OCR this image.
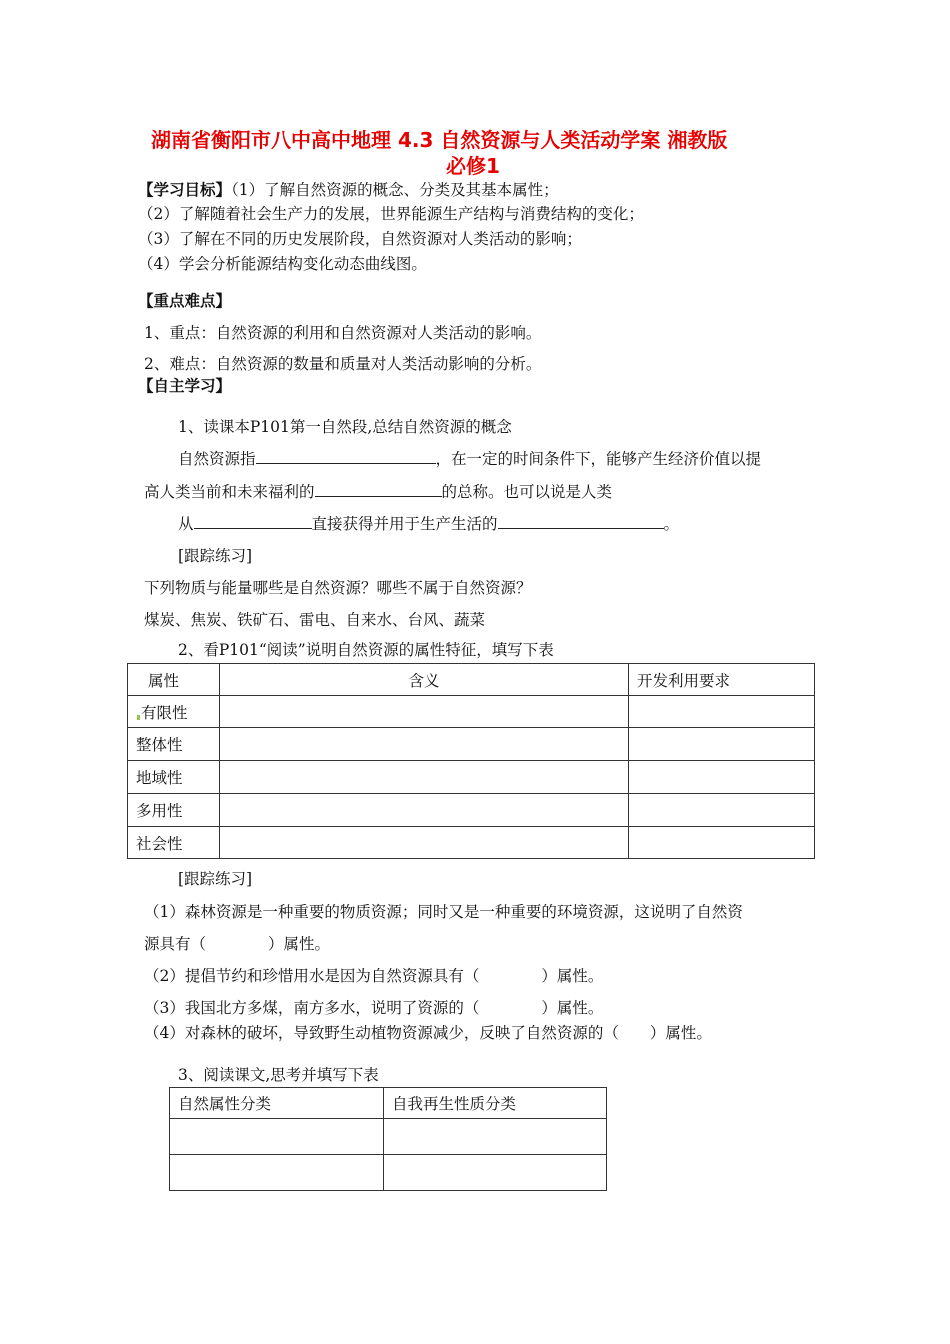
湖南省衡阳市八中高中地理 4.3 自然资源与人类活动学案 湘教版
必修1
【学习目标】（1）了解自然资源的概念、分类及其基本属性；
（2）了解随着社会生产力的发展，世界能源生产结构与消费结构的变化；
（3）了解在不同的历史发展阶段，自然资源对人类活动的影响；
（4）学会分析能源结构变化动态曲线图。
【重点难点】
1、重点：自然资源的利用和自然资源对人类活动的影响。
2、难点：自然资源的数量和质量对人类活动影响的分析。
【自主学习】
1、读课本P101第一自然段,总结自然资源的概念
自然资源指	，在一定的时间条件下，能够产生经济价值以提
高人类当前和未来福利的	的总称。也可以说是人类
从	直接获得并用于生产生活的	。
[跟踪练习]
下列物质与能量哪些是自然资源？哪些不属于自然资源？
煤炭、焦炭、铁矿石、雷电、自来水、台风、蔬菜
2、看P101“阅读”说明自然资源的属性特征，填写下表
属性	含义	开发利用要求
有限性		
整体性		
地域性		
多用性		
社会性		
[跟踪练习]
（1）森林资源是一种重要的物质资源；同时又是一种重要的环境资源，这说明了自然资
源具有（　　　　）属性。
（2）提倡节约和珍惜用水是因为自然资源具有（　　　　）属性。
（3）我国北方多煤，南方多水，说明了资源的（　　　　）属性。
（4）对森林的破坏，导致野生动植物资源减少，反映了自然资源的（　　）属性。
3、阅读课文,思考并填写下表
自然属性分类	自我再生性质分类
